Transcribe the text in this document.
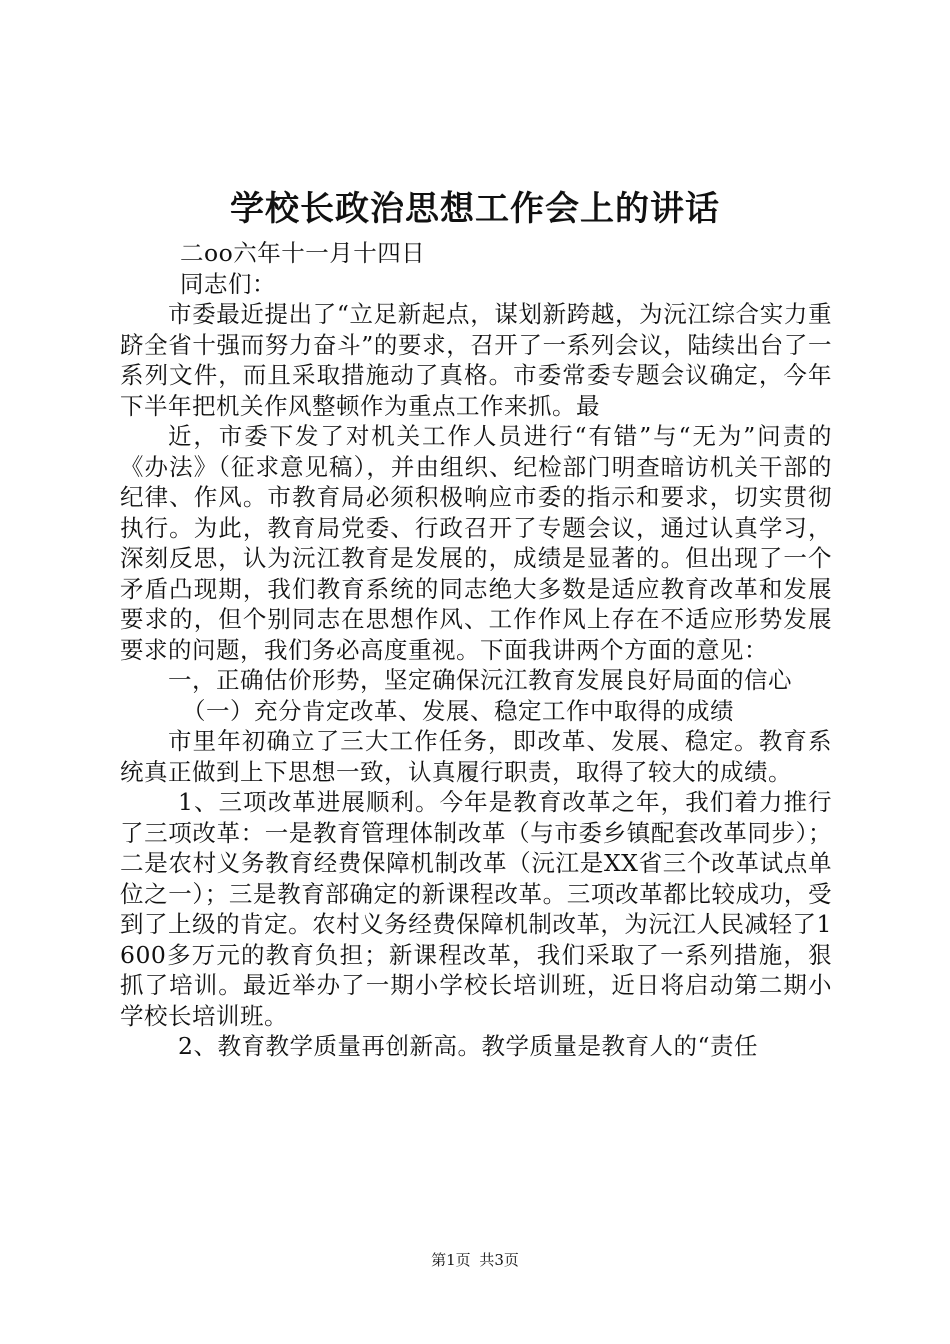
学校长政治思想工作会上的讲话

二oo六年十一月十四日

同志们：

市委最近提出了“立足新起点，谋划新跨越，为沅江综合实力重跻全省十强而努力奋斗”的要求，召开了一系列会议，陆续出台了一系列文件，而且采取措施动了真格。市委常委专题会议确定，今年下半年把机关作风整顿作为重点工作来抓。最

近，市委下发了对机关工作人员进行“有错”与“无为”问责的《办法》（征求意见稿），并由组织、纪检部门明查暗访机关干部的纪律、作风。市教育局必须积极响应市委的指示和要求，切实贯彻执行。为此，教育局党委、行政召开了专题会议，通过认真学习，深刻反思，认为沅江教育是发展的，成绩是显著的。但出现了一个矛盾凸现期，我们教育系统的同志绝大多数是适应教育改革和发展要求的，但个别同志在思想作风、工作作风上存在不适应形势发展要求的问题，我们务必高度重视。下面我讲两个方面的意见：

一，正确估价形势，坚定确保沅江教育发展良好局面的信心

（一）充分肯定改革、发展、稳定工作中取得的成绩

市里年初确立了三大工作任务，即改革、发展、稳定。教育系统真正做到上下思想一致，认真履行职责，取得了较大的成绩。

1、三项改革进展顺利。今年是教育改革之年，我们着力推行了三项改革：一是教育管理体制改革（与市委乡镇配套改革同步）；二是农村义务教育经费保障机制改革（沅江是XX省三个改革试点单位之一）；三是教育部确定的新课程改革。三项改革都比较成功，受到了上级的肯定。农村义务经费保障机制改革，为沅江人民减轻了1600多万元的教育负担；新课程改革，我们采取了一系列措施，狠抓了培训。最近举办了一期小学校长培训班，近日将启动第二期小学校长培训班。

2、教育教学质量再创新高。教学质量是教育人的“责任

第1页 共3页
